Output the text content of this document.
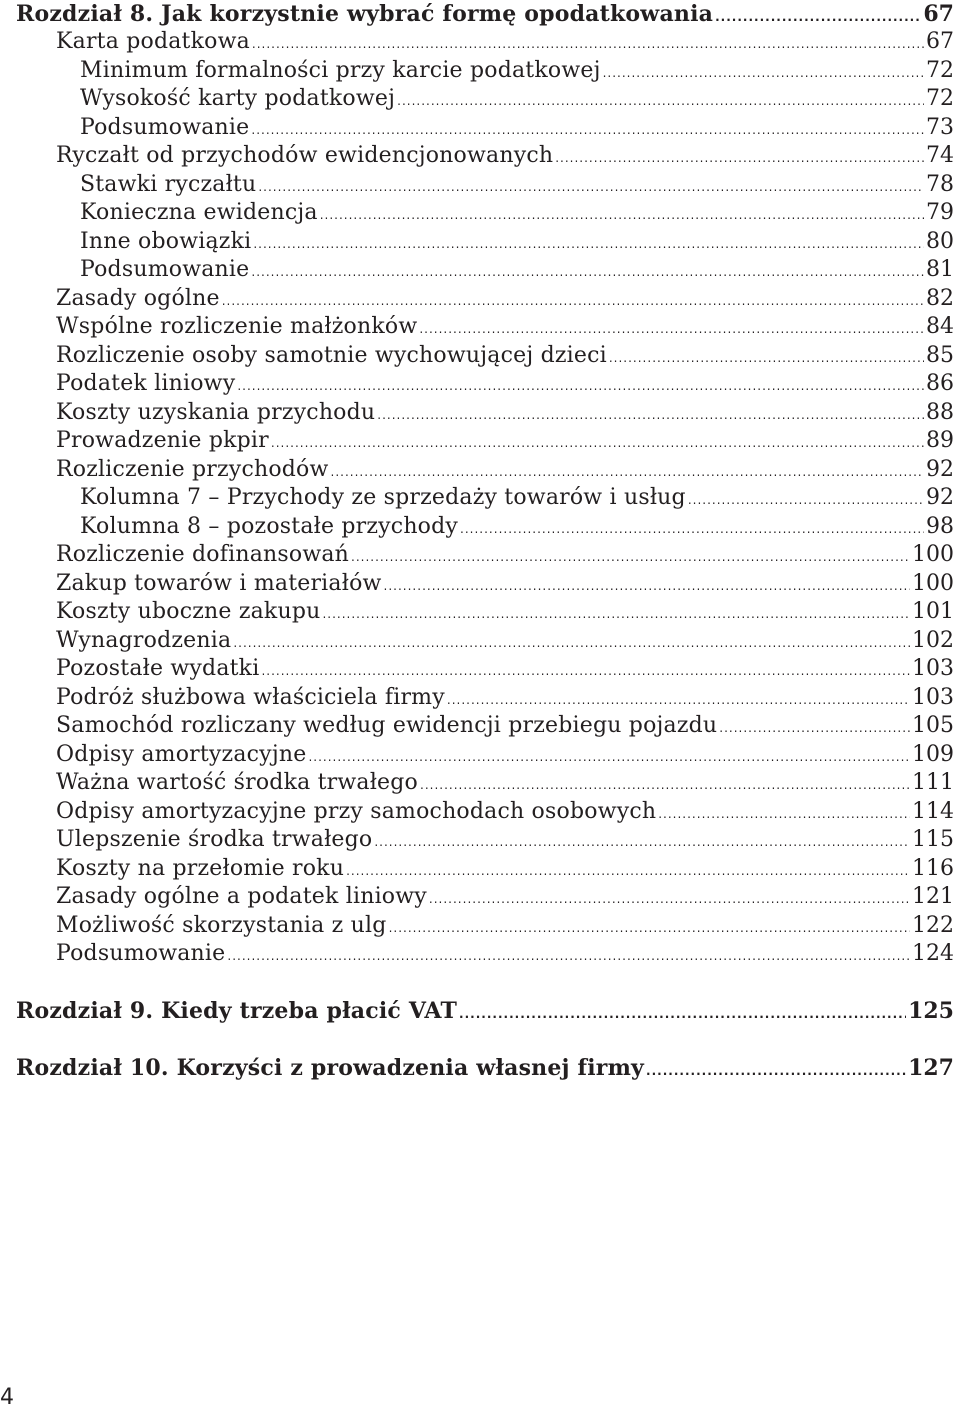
Rozdział 8. Jak korzystnie wybrać formę opodatkowania .....	67
Karta podatkowa .....	67
Minimum formalności przy karcie podatkowej .....	72
Wysokość karty podatkowej .....	72
Podsumowanie .....	73
Ryczałt od przychodów ewidencjonowanych .....	74
Stawki ryczałtu .....	78
Konieczna ewidencja .....	79
Inne obowiązki .....	80
Podsumowanie .....	81
Zasady ogólne .....	82
Wspólne rozliczenie małżonków .....	84
Rozliczenie osoby samotnie wychowującej dzieci .....	85
Podatek liniowy .....	86
Koszty uzyskania przychodu .....	88
Prowadzenie pkpir .....	89
Rozliczenie przychodów .....	92
Kolumna 7 – Przychody ze sprzedaży towarów i usług .....	92
Kolumna 8 – pozostałe przychody .....	98
Rozliczenie dofinansowań .....	100
Zakup towarów i materiałów .....	100
Koszty uboczne zakupu .....	101
Wynagrodzenia .....	102
Pozostałe wydatki .....	103
Podróż służbowa właściciela firmy .....	103
Samochód rozliczany według ewidencji przebiegu pojazdu .....	105
Odpisy amortyzacyjne .....	109
Ważna wartość środka trwałego .....	111
Odpisy amortyzacyjne przy samochodach osobowych .....	114
Ulepszenie środka trwałego .....	115
Koszty na przełomie roku .....	116
Zasady ogólne a podatek liniowy .....	121
Możliwość skorzystania z ulg .....	122
Podsumowanie .....	124
Rozdział 9. Kiedy trzeba płacić VAT .....	125
Rozdział 10. Korzyści z prowadzenia własnej firmy .....	127
4
